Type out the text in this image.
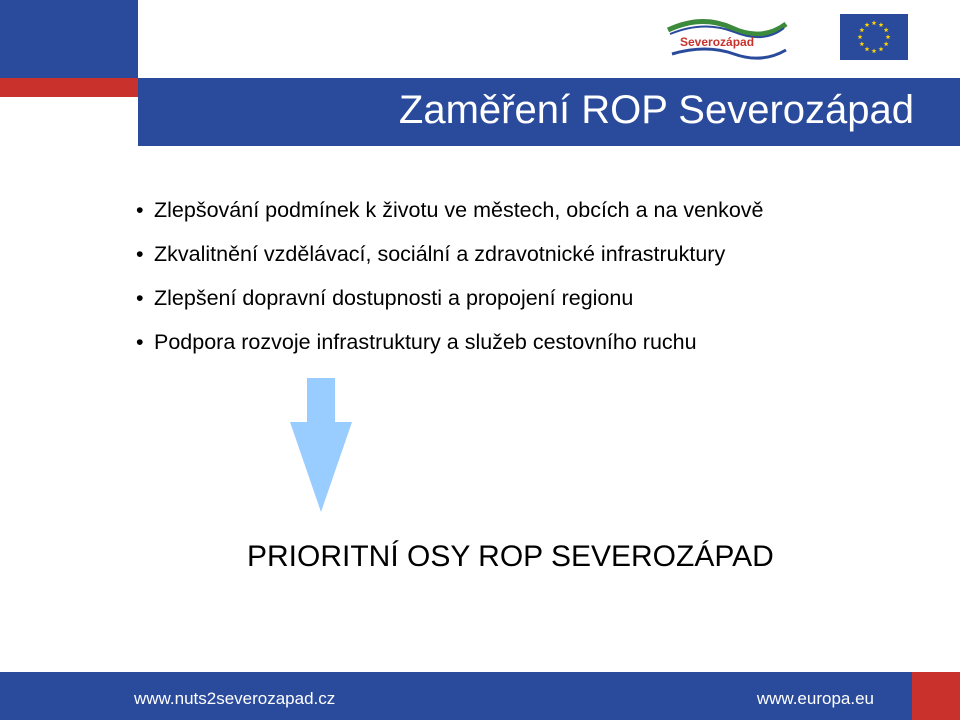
Severozápad
Zaměření ROP Severozápad
• Zlepšování podmínek k životu ve městech, obcích a na venkově
• Zkvalitnění vzdělávací, sociální a zdravotnické infrastruktury
• Zlepšení dopravní dostupnosti a propojení regionu
• Podpora rozvoje infrastruktury a služeb cestovního ruchu
PRIORITNÍ OSY ROP SEVEROZÁPAD
www.nuts2severozapad.cz	www.europa.eu
